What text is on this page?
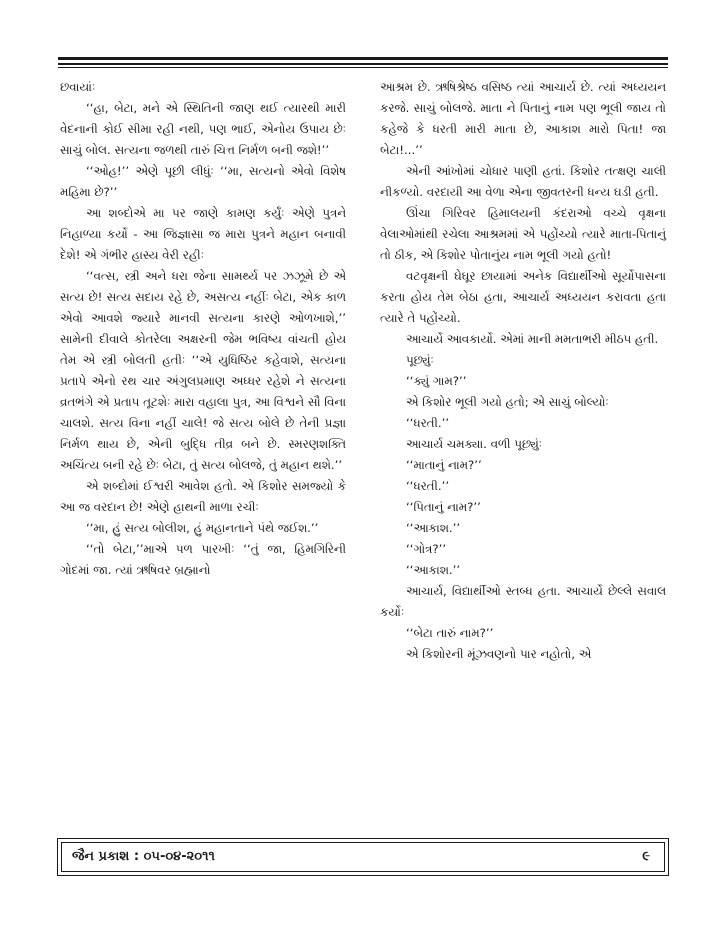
છવાયાંઃ

‘‘હા, બેટા, મને એ સ્થિતિની જાણ થઈ ત્યારથી મારી વેદનાની કોઈ સીમા રહી નથી, પણ ભાઈ, એનોય ઉપાય છેઃ સાચું બોલ. સત્યના જળથી તારું ચિત્ત નિર્મળ બની જશે!’’

‘‘ઓહ!’’ એણે પૂછી લીધુંઃ ‘‘મા, સત્યનો એવો વિશેષ મહિમા છે?’’

આ શબ્દોએ મા પર જાણે કામણ કર્યુંઃ એણે પુત્રને નિહાળ્યા કર્યો - આ જિજ્ઞાસા જ મારા પુત્રને મહાન બનાવી દેશે! એ ગંભીર હાસ્ય વેરી રહીઃ

‘‘વત્સ, સ્ત્રી અને ધરા જેના સામર્થ્ય પર ઝઝૂમે છે એ સત્ય છે! સત્ય સદાય રહે છે, અસત્ય નહીંઃ બેટા, એક કાળ એવો આવશે જ્યારે માનવી સત્યના કારણે ઓળખાશે,’’ સામેની દીવાલે કોતરેલા અક્ષરની જેમ ભવિષ્ય વાંચતી હોય તેમ એ સ્ત્રી બોલતી હતીઃ ‘‘એ યુધિષ્ઠિર કહેવાશે, સત્યના પ્રતાપે એનો રથ ચાર અંગુલપ્રમાણ અધ્ધર રહેશે ને સત્યના વ્રતભંગે એ પ્રતાપ તૂટશેઃ મારા વહાલા પુત્ર, આ વિશ્વને સૌ વિના ચાલશે. સત્ય વિના નહીં ચાલે! જે સત્ય બોલે છે તેની પ્રજ્ઞા નિર્મળ થાય છે, એની બુદ્ધિ તીવ્ર બને છે. સ્મરણશક્તિ અચિંત્ય બની રહે છેઃ બેટા, તું સત્ય બોલજે, તું મહાન થશે.’’

એ શબ્દોમાં ઈશ્વરી આવેશ હતો. એ કિશોર સમજ્યો કે આ જ વરદાન છે! એણે હાથની માળા રચીઃ

‘‘મા, હું સત્ય બોલીશ, હું મહાનતાને પંથે જઈશ.’’

‘‘તો બેટા,’’માએ પળ પારખીઃ ‘‘તું જા, હિમગિરિની ગોદમાં જા. ત્યાં ઋષિવર બ્રહ્માનો

આશ્રમ છે. ઋષિશ્રેષ્ઠ વસિષ્ઠ ત્યાં આચાર્ય છે. ત્યાં અધ્યયન કરજે. સાચું બોલજે. માતા ને પિતાનું નામ પણ ભૂલી જાય તો કહેજે કે ધરતી મારી માતા છે, આકાશ મારો પિતા! જા બેટા!...’’

એની આંખોમાં ચોધાર પાણી હતાં. કિશોર તત્ક્ષણ ચાલી નીકળ્યો. વરદાયી આ વેળા એના જીવતરની ધન્ય ઘડી હતી.

ઊંચા ગિરિવર હિમાલયની કંદરાઓ વચ્ચે વૃક્ષના વેલાઓમાંથી રચેલા આશ્રમમાં એ પહોંચ્યો ત્યારે માતા-પિતાનું તો ઠીક, એ કિશોર પોતાનુંય નામ ભૂલી ગયો હતો!

વટવૃક્ષની ઘેઘૂર છાયામાં અનેક વિદ્યાર્થીઓ સૂર્યોપાસના કરતા હોય તેમ બેઠા હતા, આચાર્ય અધ્યયન કરાવતા હતા ત્યારે તે પહોંચ્યો.

આચાર્યે આવકાર્યો. એમાં માની મમતાભરી મીઠપ હતી.

પૂછ્યુંઃ

‘‘ક્યું ગામ?’’

એ કિશોર ભૂલી ગયો હતો; એ સાચું બોલ્યોઃ

‘‘ધરતી.’’

આચાર્ય ચમક્યા. વળી પૂછ્યુંઃ

‘‘માતાનું નામ?’’

‘‘ધરતી.’’

‘‘પિતાનું નામ?’’

‘‘આકાશ.’’

‘‘ગોત્ર?’’

‘‘આકાશ.’’

આચાર્ય, વિદ્યાર્થીઓ સ્તબ્ધ હતા. આચાર્યે છેલ્લે સવાલ કર્યોઃ

‘‘બેટા તારું નામ?’’

એ કિશોરની મૂંઝવણનો પાર નહોતો, એ

જૈન પ્રકાશ : ૦૫-૦૪-૨૦૧૧	૯
